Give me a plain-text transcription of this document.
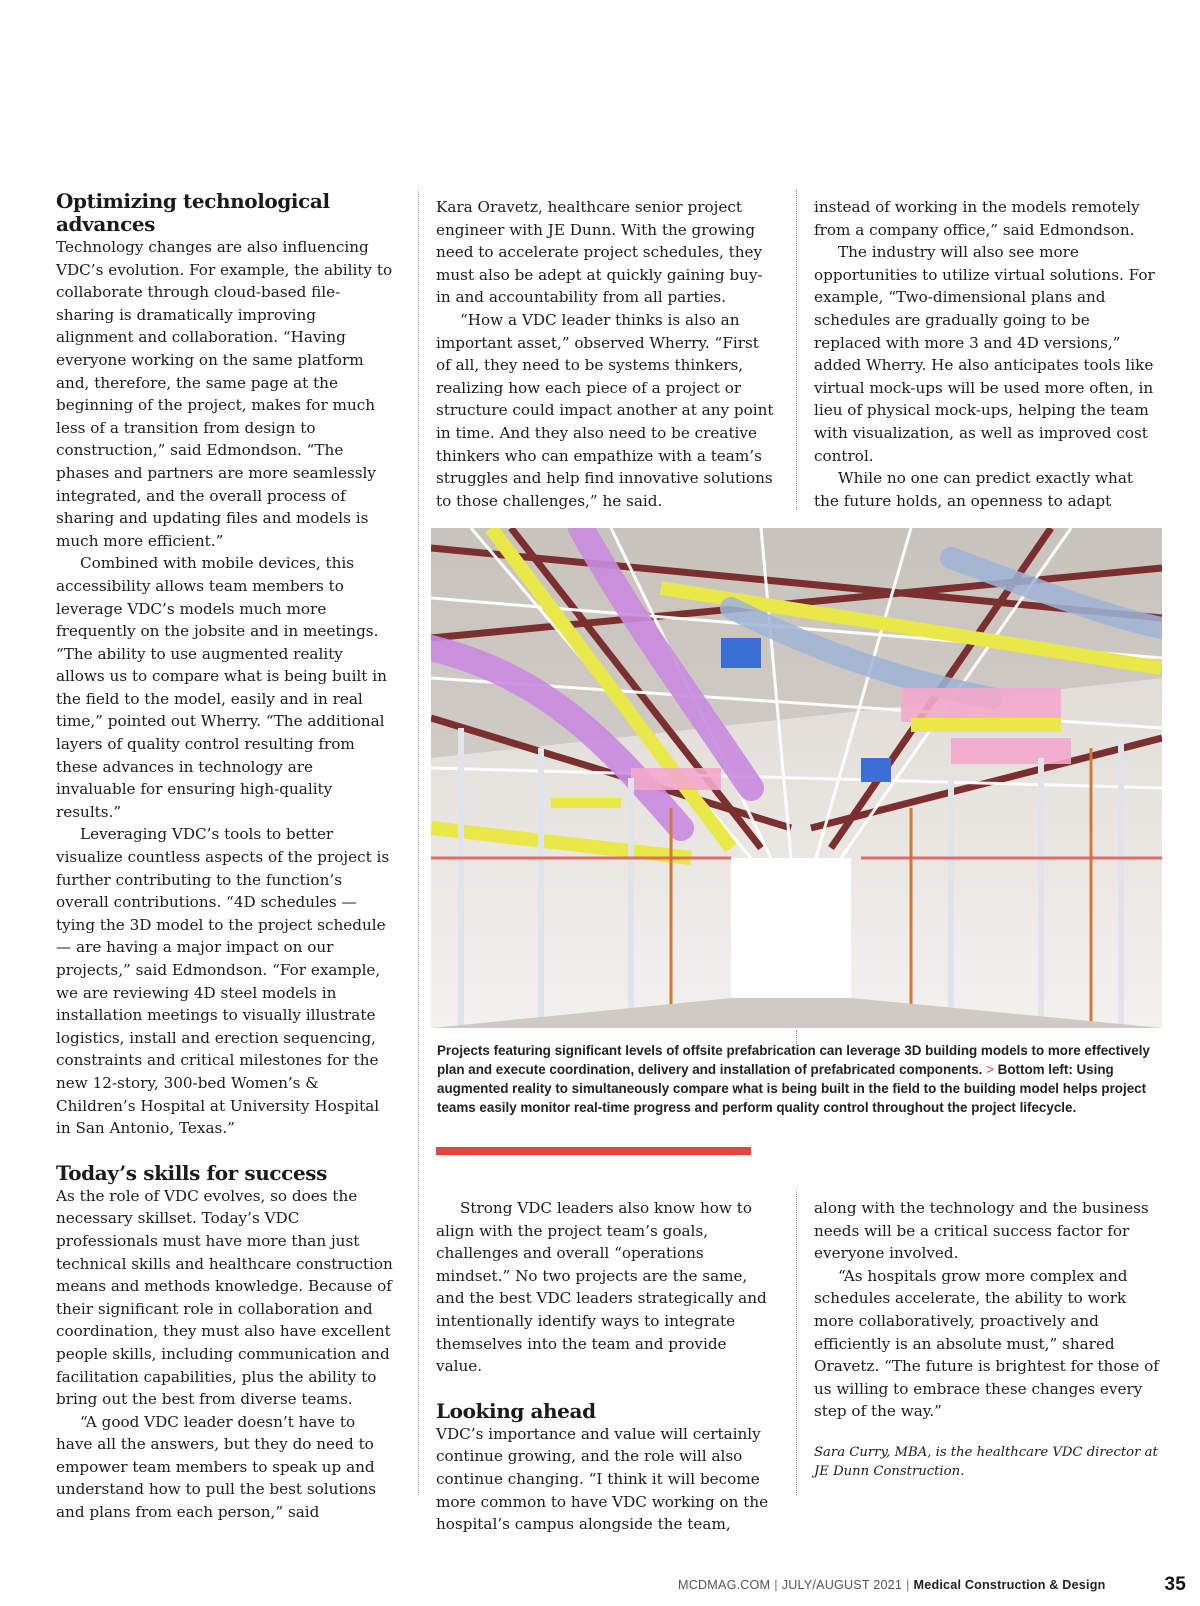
Optimizing technological advances

Technology changes are also influencing VDC’s evolution. For example, the ability to collaborate through cloud-based file-sharing is dramatically improving alignment and collaboration. “Having everyone working on the same platform and, therefore, the same page at the beginning of the project, makes for much less of a transition from design to construction,” said Edmondson. “The phases and partners are more seamlessly integrated, and the overall process of sharing and updating files and models is much more efficient.”

Combined with mobile devices, this accessibility allows team members to leverage VDC’s models much more frequently on the jobsite and in meetings. “The ability to use augmented reality allows us to compare what is being built in the field to the model, easily and in real time,” pointed out Wherry. “The additional layers of quality control resulting from these advances in technology are invaluable for ensuring high-quality results.”

Leveraging VDC’s tools to better visualize countless aspects of the project is further contributing to the function’s overall contributions. “4D schedules — tying the 3D model to the project schedule — are having a major impact on our projects,” said Edmondson. “For example, we are reviewing 4D steel models in installation meetings to visually illustrate logistics, install and erection sequencing, constraints and critical milestones for the new 12-story, 300-bed Women’s & Children’s Hospital at University Hospital in San Antonio, Texas.”

Today’s skills for success

As the role of VDC evolves, so does the necessary skillset. Today’s VDC professionals must have more than just technical skills and healthcare construction means and methods knowledge. Because of their significant role in collaboration and coordination, they must also have excellent people skills, including communication and facilitation capabilities, plus the ability to bring out the best from diverse teams.

“A good VDC leader doesn’t have to have all the answers, but they do need to empower team members to speak up and understand how to pull the best solutions and plans from each person,” said

Kara Oravetz, healthcare senior project engineer with JE Dunn. With the growing need to accelerate project schedules, they must also be adept at quickly gaining buy-in and accountability from all parties.

“How a VDC leader thinks is also an important asset,” observed Wherry. “First of all, they need to be systems thinkers, realizing how each piece of a project or structure could impact another at any point in time. And they also need to be creative thinkers who can empathize with a team’s struggles and help find innovative solutions to those challenges,” he said.

instead of working in the models remotely from a company office,” said Edmondson.

The industry will also see more opportunities to utilize virtual solutions. For example, “Two-dimensional plans and schedules are gradually going to be replaced with more 3 and 4D versions,” added Wherry. He also anticipates tools like virtual mock-ups will be used more often, in lieu of physical mock-ups, helping the team with visualization, as well as improved cost control.

While no one can predict exactly what the future holds, an openness to adapt

Projects featuring significant levels of offsite prefabrication can leverage 3D building models to more effectively plan and execute coordination, delivery and installation of prefabricated components. > Bottom left: Using augmented reality to simultaneously compare what is being built in the field to the building model helps project teams easily monitor real-time progress and perform quality control throughout the project lifecycle.

Strong VDC leaders also know how to align with the project team’s goals, challenges and overall “operations mindset.” No two projects are the same, and the best VDC leaders strategically and intentionally identify ways to integrate themselves into the team and provide value.

Looking ahead

VDC’s importance and value will certainly continue growing, and the role will also continue changing. “I think it will become more common to have VDC working on the hospital’s campus alongside the team,

along with the technology and the business needs will be a critical success factor for everyone involved.

“As hospitals grow more complex and schedules accelerate, the ability to work more collaboratively, proactively and efficiently is an absolute must,” shared Oravetz. “The future is brightest for those of us willing to embrace these changes every step of the way.”

Sara Curry, MBA, is the healthcare VDC director at JE Dunn Construction.

MCDMAG.COM | JULY/AUGUST 2021 | Medical Construction & Design	35
